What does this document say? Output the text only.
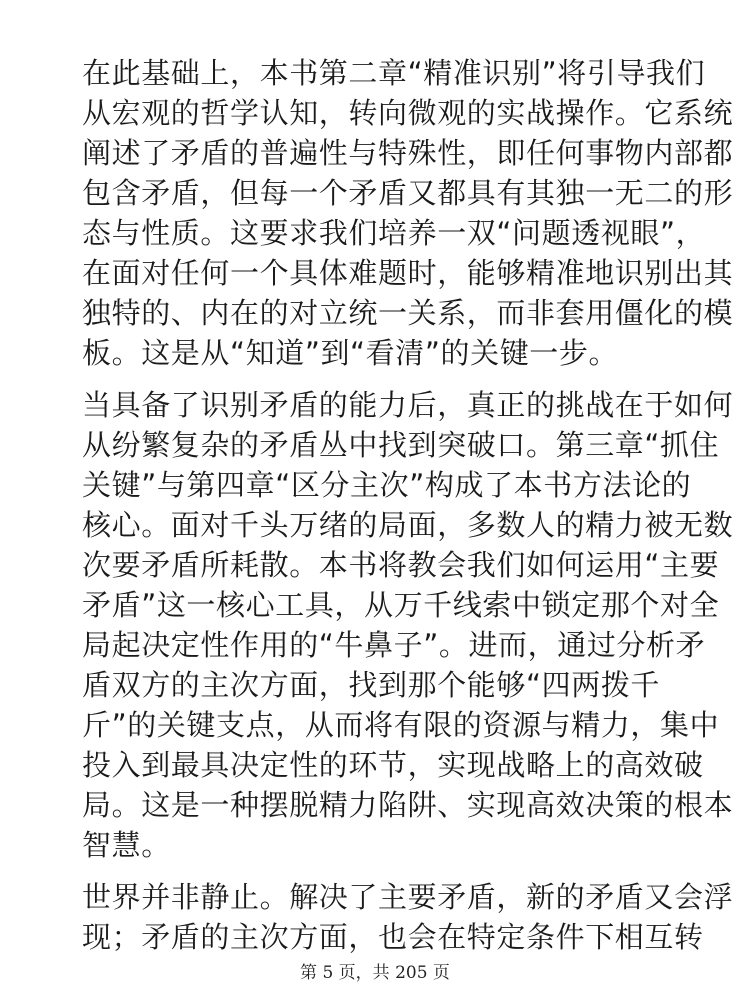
在此基础上，本书第二章“精准识别”将引导我们
从宏观的哲学认知，转向微观的实战操作。它系统
阐述了矛盾的普遍性与特殊性，即任何事物内部都
包含矛盾，但每一个矛盾又都具有其独一无二的形
态与性质。这要求我们培养一双“问题透视眼”，
在面对任何一个具体难题时，能够精准地识别出其
独特的、内在的对立统一关系，而非套用僵化的模
板。这是从“知道”到“看清”的关键一步。
当具备了识别矛盾的能力后，真正的挑战在于如何
从纷繁复杂的矛盾丛中找到突破口。第三章“抓住
关键”与第四章“区分主次”构成了本书方法论的
核心。面对千头万绪的局面，多数人的精力被无数
次要矛盾所耗散。本书将教会我们如何运用“主要
矛盾”这一核心工具，从万千线索中锁定那个对全
局起决定性作用的“牛鼻子”。进而，通过分析矛
盾双方的主次方面，找到那个能够“四两拨千
斤”的关键支点，从而将有限的资源与精力，集中
投入到最具决定性的环节，实现战略上的高效破
局。这是一种摆脱精力陷阱、实现高效决策的根本
智慧。
世界并非静止。解决了主要矛盾，新的矛盾又会浮
现；矛盾的主次方面，也会在特定条件下相互转
第 5 页，共 205 页
